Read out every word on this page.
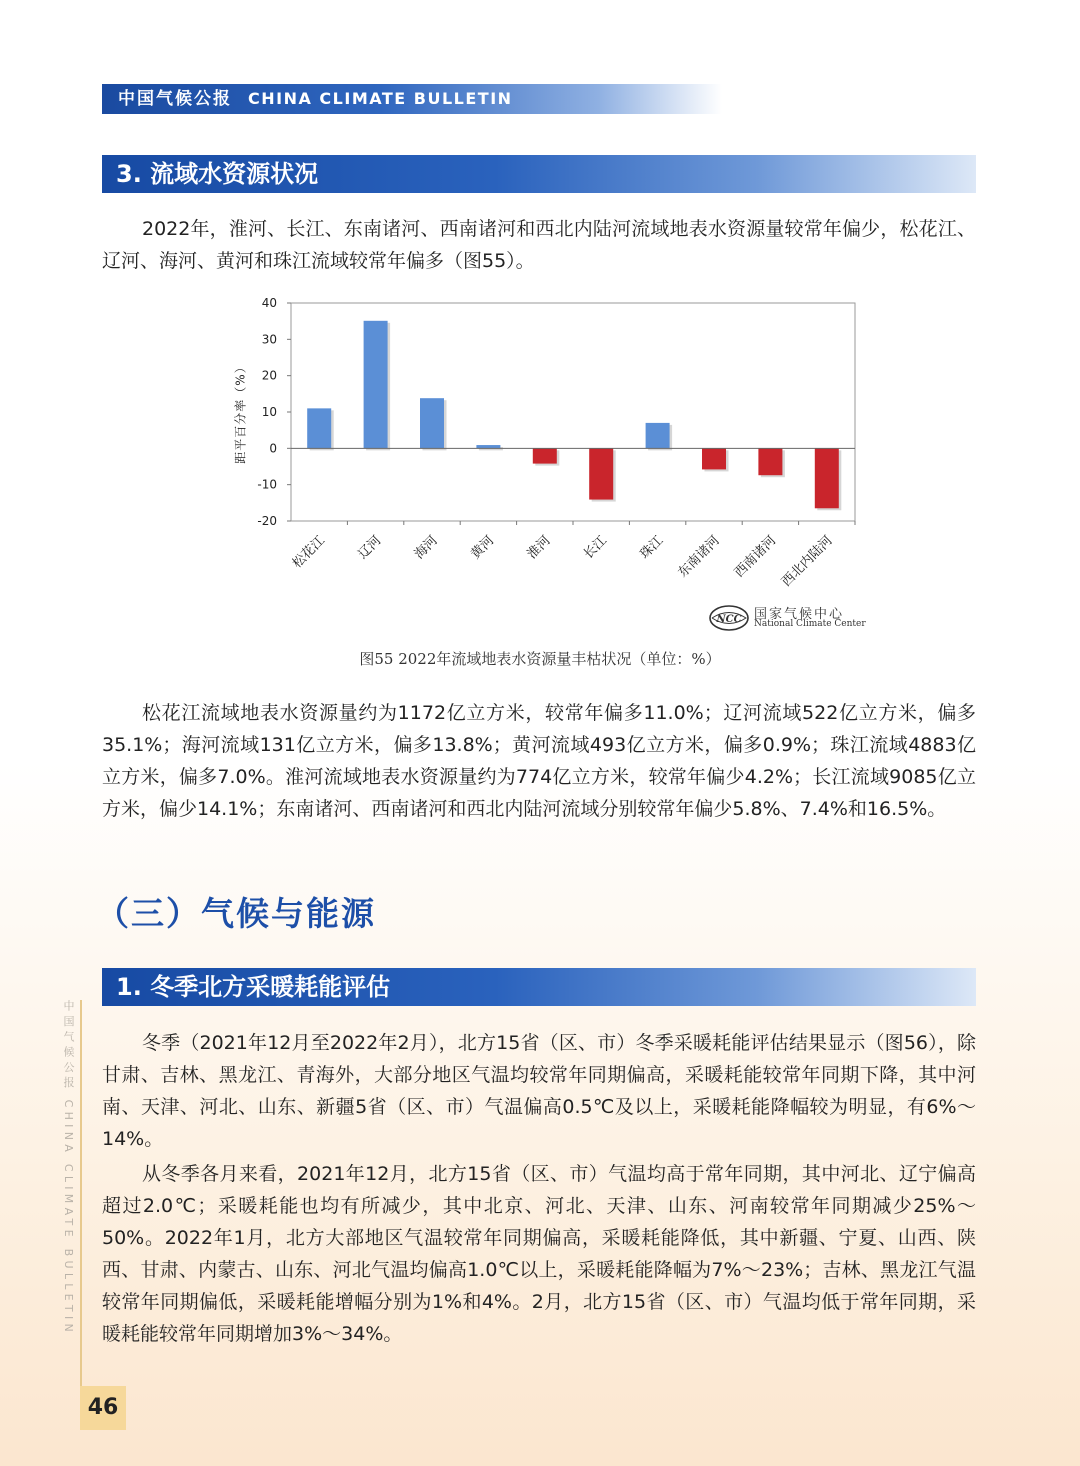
中国气候公报 CHINA CLIMATE BULLETIN
3. 流域水资源状况

2022年，淮河、长江、东南诸河、西南诸河和西北内陆河流域地表水资源量较常年偏少，松花江、辽河、海河、黄河和珠江流域较常年偏多（图55）。

40
30
20
10
0
-10
-20
松花江 辽河 海河 黄河 淮河 长江 珠江 东南诸河 西南诸河 西北内陆河
距平百分率（%）
NCC 国家气候中心
National Climate Center
图55 2022年流域地表水资源量丰枯状况（单位：%）

松花江流域地表水资源量约为1172亿立方米，较常年偏多11.0%；辽河流域522亿立方米，偏多35.1%；海河流域131亿立方米，偏多13.8%；黄河流域493亿立方米，偏多0.9%；珠江流域4883亿立方米，偏多7.0%。淮河流域地表水资源量约为774亿立方米，较常年偏少4.2%；长江流域9085亿立方米，偏少14.1%；东南诸河、西南诸河和西北内陆河流域分别较常年偏少5.8%、7.4%和16.5%。

（三）气候与能源
1. 冬季北方采暖耗能评估

冬季（2021年12月至2022年2月），北方15省（区、市）冬季采暖耗能评估结果显示（图56），除甘肃、吉林、黑龙江、青海外，大部分地区气温均较常年同期偏高，采暖耗能较常年同期下降，其中河南、天津、河北、山东、新疆5省（区、市）气温偏高0.5℃及以上，采暖耗能降幅较为明显，有6%～14%。

从冬季各月来看，2021年12月，北方15省（区、市）气温均高于常年同期，其中河北、辽宁偏高超过2.0℃；采暖耗能也均有所减少，其中北京、河北、天津、山东、河南较常年同期减少25%～50%。2022年1月，北方大部地区气温较常年同期偏高，采暖耗能降低，其中新疆、宁夏、山西、陕西、甘肃、内蒙古、山东、河北气温均偏高1.0℃以上，采暖耗能降幅为7%～23%；吉林、黑龙江气温较常年同期偏低，采暖耗能增幅分别为1%和4%。2月，北方15省（区、市）气温均低于常年同期，采暖耗能较常年同期增加3%～34%。

中国气候公报 CHINA CLIMATE BULLETIN
46
